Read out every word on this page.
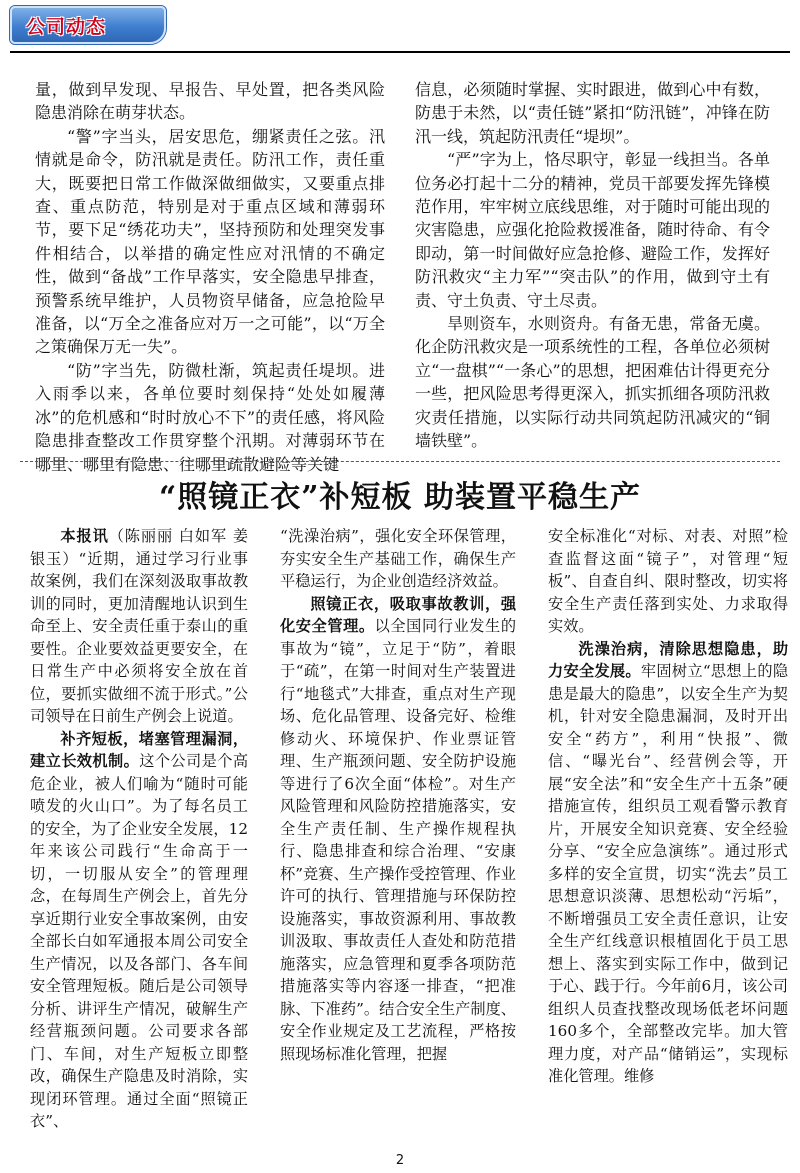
公司动态

量，做到早发现、早报告、早处置，把各类风险隐患消除在萌芽状态。

“警”字当头，居安思危，绷紧责任之弦。汛情就是命令，防汛就是责任。防汛工作，责任重大，既要把日常工作做深做细做实，又要重点排查、重点防范，特别是对于重点区域和薄弱环节，要下足“绣花功夫”，坚持预防和处理突发事件相结合，以举措的确定性应对汛情的不确定性，做到“备战”工作早落实，安全隐患早排查，预警系统早维护，人员物资早储备，应急抢险早准备，以“万全之准备应对万一之可能”，以“万全之策确保万无一失”。

“防”字当先，防微杜渐，筑起责任堤坝。进入雨季以来，各单位要时刻保持“处处如履薄冰”的危机感和“时时放心不下”的责任感，将风险隐患排查整改工作贯穿整个汛期。对薄弱环节在哪里、哪里有隐患、往哪里疏散避险等关键

信息，必须随时掌握、实时跟进，做到心中有数，防患于未然，以“责任链”紧扣“防汛链”，冲锋在防汛一线，筑起防汛责任“堤坝”。

“严”字为上，恪尽职守，彰显一线担当。各单位务必打起十二分的精神，党员干部要发挥先锋模范作用，牢牢树立底线思维，对于随时可能出现的灾害隐患，应强化抢险救援准备，随时待命、有令即动，第一时间做好应急抢修、避险工作，发挥好防汛救灾“主力军”“突击队”的作用，做到守土有责、守土负责、守土尽责。

旱则资车，水则资舟。有备无患，常备无虞。化企防汛救灾是一项系统性的工程，各单位必须树立“一盘棋”“一条心”的思想，把困难估计得更充分一些，把风险思考得更深入，抓实抓细各项防汛救灾责任措施，以实际行动共同筑起防汛减灾的“铜墙铁壁”。

“照镜正衣”补短板 助装置平稳生产

本报讯（陈丽丽 白如军 姜银玉）“近期，通过学习行业事故案例，我们在深刻汲取事故教训的同时，更加清醒地认识到生命至上、安全责任重于泰山的重要性。企业要效益更要安全，在日常生产中必须将安全放在首位，要抓实做细不流于形式。”公司领导在日前生产例会上说道。

补齐短板，堵塞管理漏洞，建立长效机制。这个公司是个高危企业，被人们喻为“随时可能喷发的火山口”。为了每名员工的安全，为了企业安全发展，12年来该公司践行“生命高于一切，一切服从安全”的管理理念，在每周生产例会上，首先分享近期行业安全事故案例，由安全部长白如军通报本周公司安全生产情况，以及各部门、各车间安全管理短板。随后是公司领导分析、讲评生产情况，破解生产经营瓶颈问题。公司要求各部门、车间，对生产短板立即整改，确保生产隐患及时消除，实现闭环管理。通过全面“照镜正衣”、

“洗澡治病”，强化安全环保管理，夯实安全生产基础工作，确保生产平稳运行，为企业创造经济效益。

照镜正衣，吸取事故教训，强化安全管理。以全国同行业发生的事故为“镜”，立足于“防”，着眼于“疏”，在第一时间对生产装置进行“地毯式”大排查，重点对生产现场、危化品管理、设备完好、检维修动火、环境保护、作业票证管理、生产瓶颈问题、安全防护设施等进行了6次全面“体检”。对生产风险管理和风险防控措施落实，安全生产责任制、生产操作规程执行、隐患排查和综合治理、“安康杯”竞赛、生产操作受控管理、作业许可的执行、管理措施与环保防控设施落实，事故资源利用、事故教训汲取、事故责任人查处和防范措施落实，应急管理和夏季各项防范措施落实等内容逐一排查，“把准脉、下准药”。结合安全生产制度、安全作业规定及工艺流程，严格按照现场标准化管理，把握

安全标准化“对标、对表、对照”检查监督这面“镜子”，对管理“短板”、自查自纠、限时整改，切实将安全生产责任落到实处、力求取得实效。

洗澡治病，清除思想隐患，助力安全发展。牢固树立“思想上的隐患是最大的隐患”，以安全生产为契机，针对安全隐患漏洞，及时开出安全“药方”，利用“快报”、微信、“曝光台”、经营例会等，开展“安全法”和“安全生产十五条”硬措施宣传，组织员工观看警示教育片，开展安全知识竞赛、安全经验分享、“安全应急演练”。通过形式多样的安全宣贯，切实“洗去”员工思想意识淡薄、思想松动“污垢”，不断增强员工安全责任意识，让安全生产红线意识根植固化于员工思想上、落实到实际工作中，做到记于心、践于行。今年前6月，该公司组织人员查找整改现场低老坏问题160多个，全部整改完毕。加大管理力度，对产品“储销运”，实现标准化管理。维修

2
